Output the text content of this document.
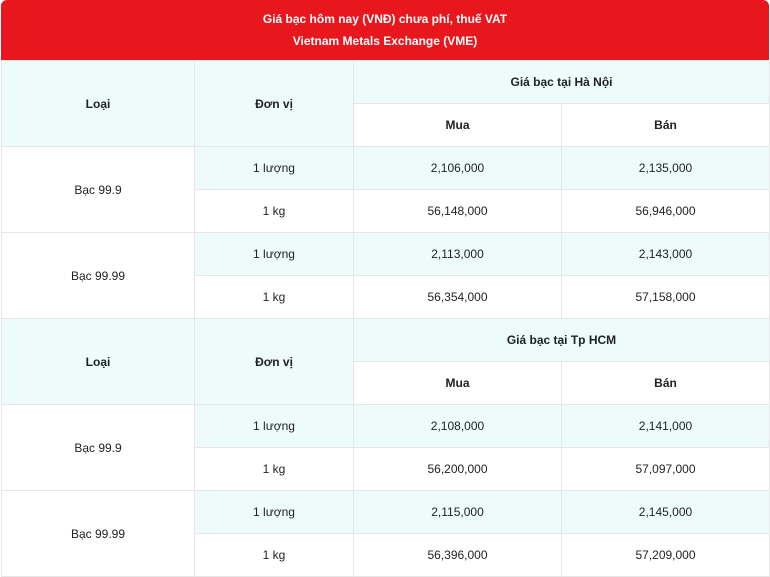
Giá bạc hôm nay (VNĐ) chưa phí, thuế VAT
Vietnam Metals Exchange (VME)
Loại	Đơn vị	Giá bạc tại Hà Nội	
		Mua	Bán
Bạc 99.9	1 lượng	2,106,000	2,135,000
	1 kg	56,148,000	56,946,000
Bạc 99.99	1 lượng	2,113,000	2,143,000
	1 kg	56,354,000	57,158,000
Loại	Đơn vị	Giá bạc tại Tp HCM	
		Mua	Bán
Bạc 99.9	1 lượng	2,108,000	2,141,000
	1 kg	56,200,000	57,097,000
Bạc 99.99	1 lượng	2,115,000	2,145,000
	1 kg	56,396,000	57,209,000
